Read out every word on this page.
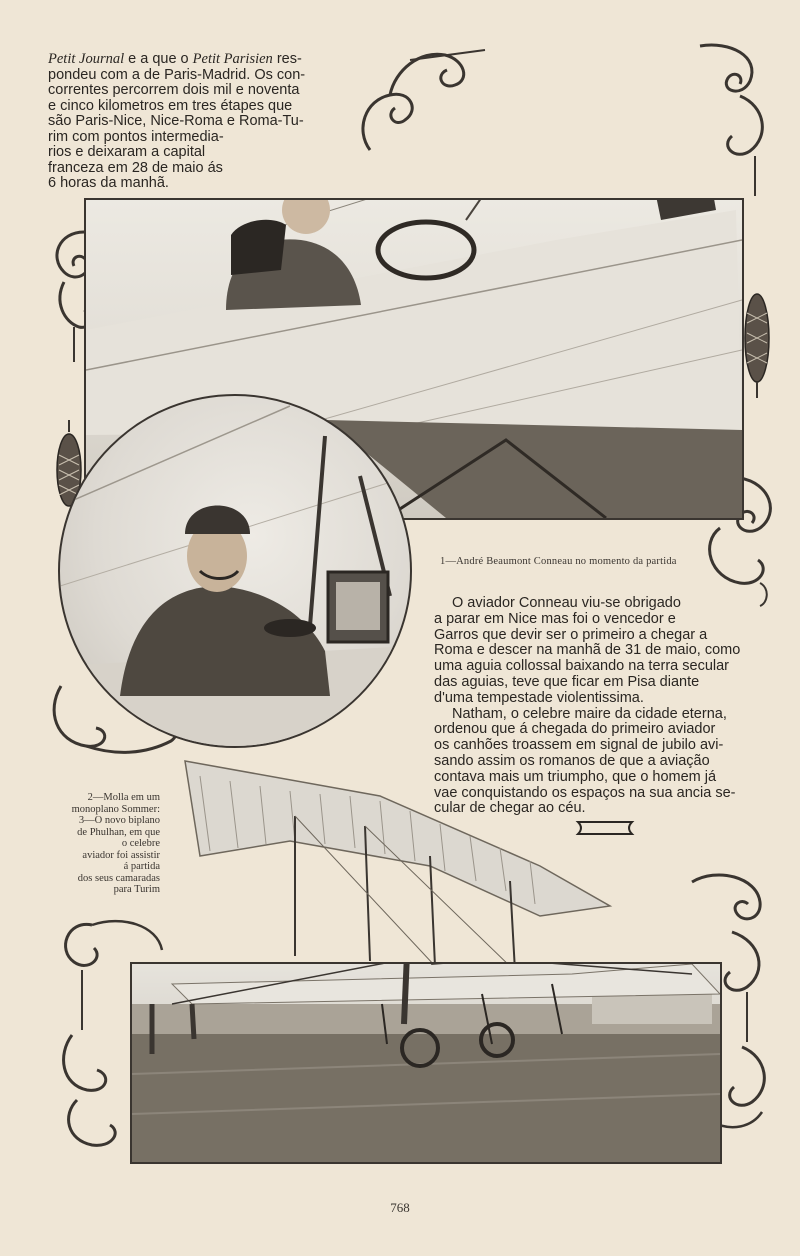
Petit Journal e a que o Petit Parisien res-
pondeu com a de Paris-Madrid. Os con-
correntes percorrem dois mil e noventa
e cinco kilometros em tres étapes que
são Paris-Nice, Nice-Roma e Roma-Tu-
rim com pontos intermedia-
rios e deixaram a capital
franceza em 28 de maio ás
6 horas da manhã.
1—André Beaumont Conneau no momento da partida
O aviador Conneau viu-se obrigado
a parar em Nice mas foi o vencedor e
Garros que devir ser o primeiro a chegar a
Roma e descer na manhã de 31 de maio, como
uma aguia collossal baixando na terra secular
das aguias, teve que ficar em Pisa diante
d'uma tempestade violentissima.
Natham, o celebre maire da cidade eterna,
ordenou que á chegada do primeiro aviador
os canhões troassem em signal de jubilo avi-
sando assim os romanos de que a aviação
contava mais um triumpho, que o homem já
vae conquistando os espaços na sua ancia se-
cular de chegar ao céu.
2—Molla em um
monoplano Sommer:
3—O novo biplano
de Phulhan, em que
o celebre
aviador foi assistir
á partida
dos seus camaradas
para Turim
768
